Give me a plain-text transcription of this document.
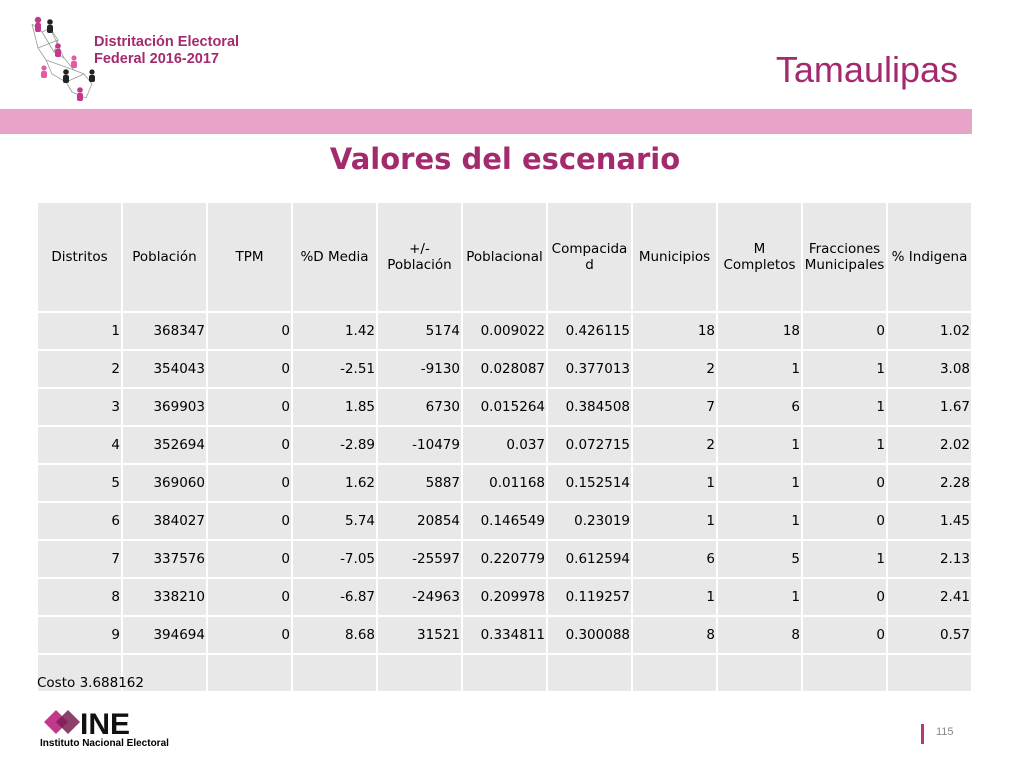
Distritación Electoral
Federal 2016-2017	Tamaulipas
Valores del escenario
Distritos	Población	TPM	%D Media	+/- Población	Poblacional	Compacidad	Municipios	M Completos	Fracciones Municipales	% Indigena
1	368347	0	1.42	5174	0.009022	0.426115	18	18	0	1.02
2	354043	0	-2.51	-9130	0.028087	0.377013	2	1	1	3.08
3	369903	0	1.85	6730	0.015264	0.384508	7	6	1	1.67
4	352694	0	-2.89	-10479	0.037	0.072715	2	1	1	2.02
5	369060	0	1.62	5887	0.01168	0.152514	1	1	0	2.28
6	384027	0	5.74	20854	0.146549	0.23019	1	1	0	1.45
7	337576	0	-7.05	-25597	0.220779	0.612594	6	5	1	2.13
8	338210	0	-6.87	-24963	0.209978	0.119257	1	1	0	2.41
9	394694	0	8.68	31521	0.334811	0.300088	8	8	0	0.57

Costo 3.688162
INE
Instituto Nacional Electoral
115
